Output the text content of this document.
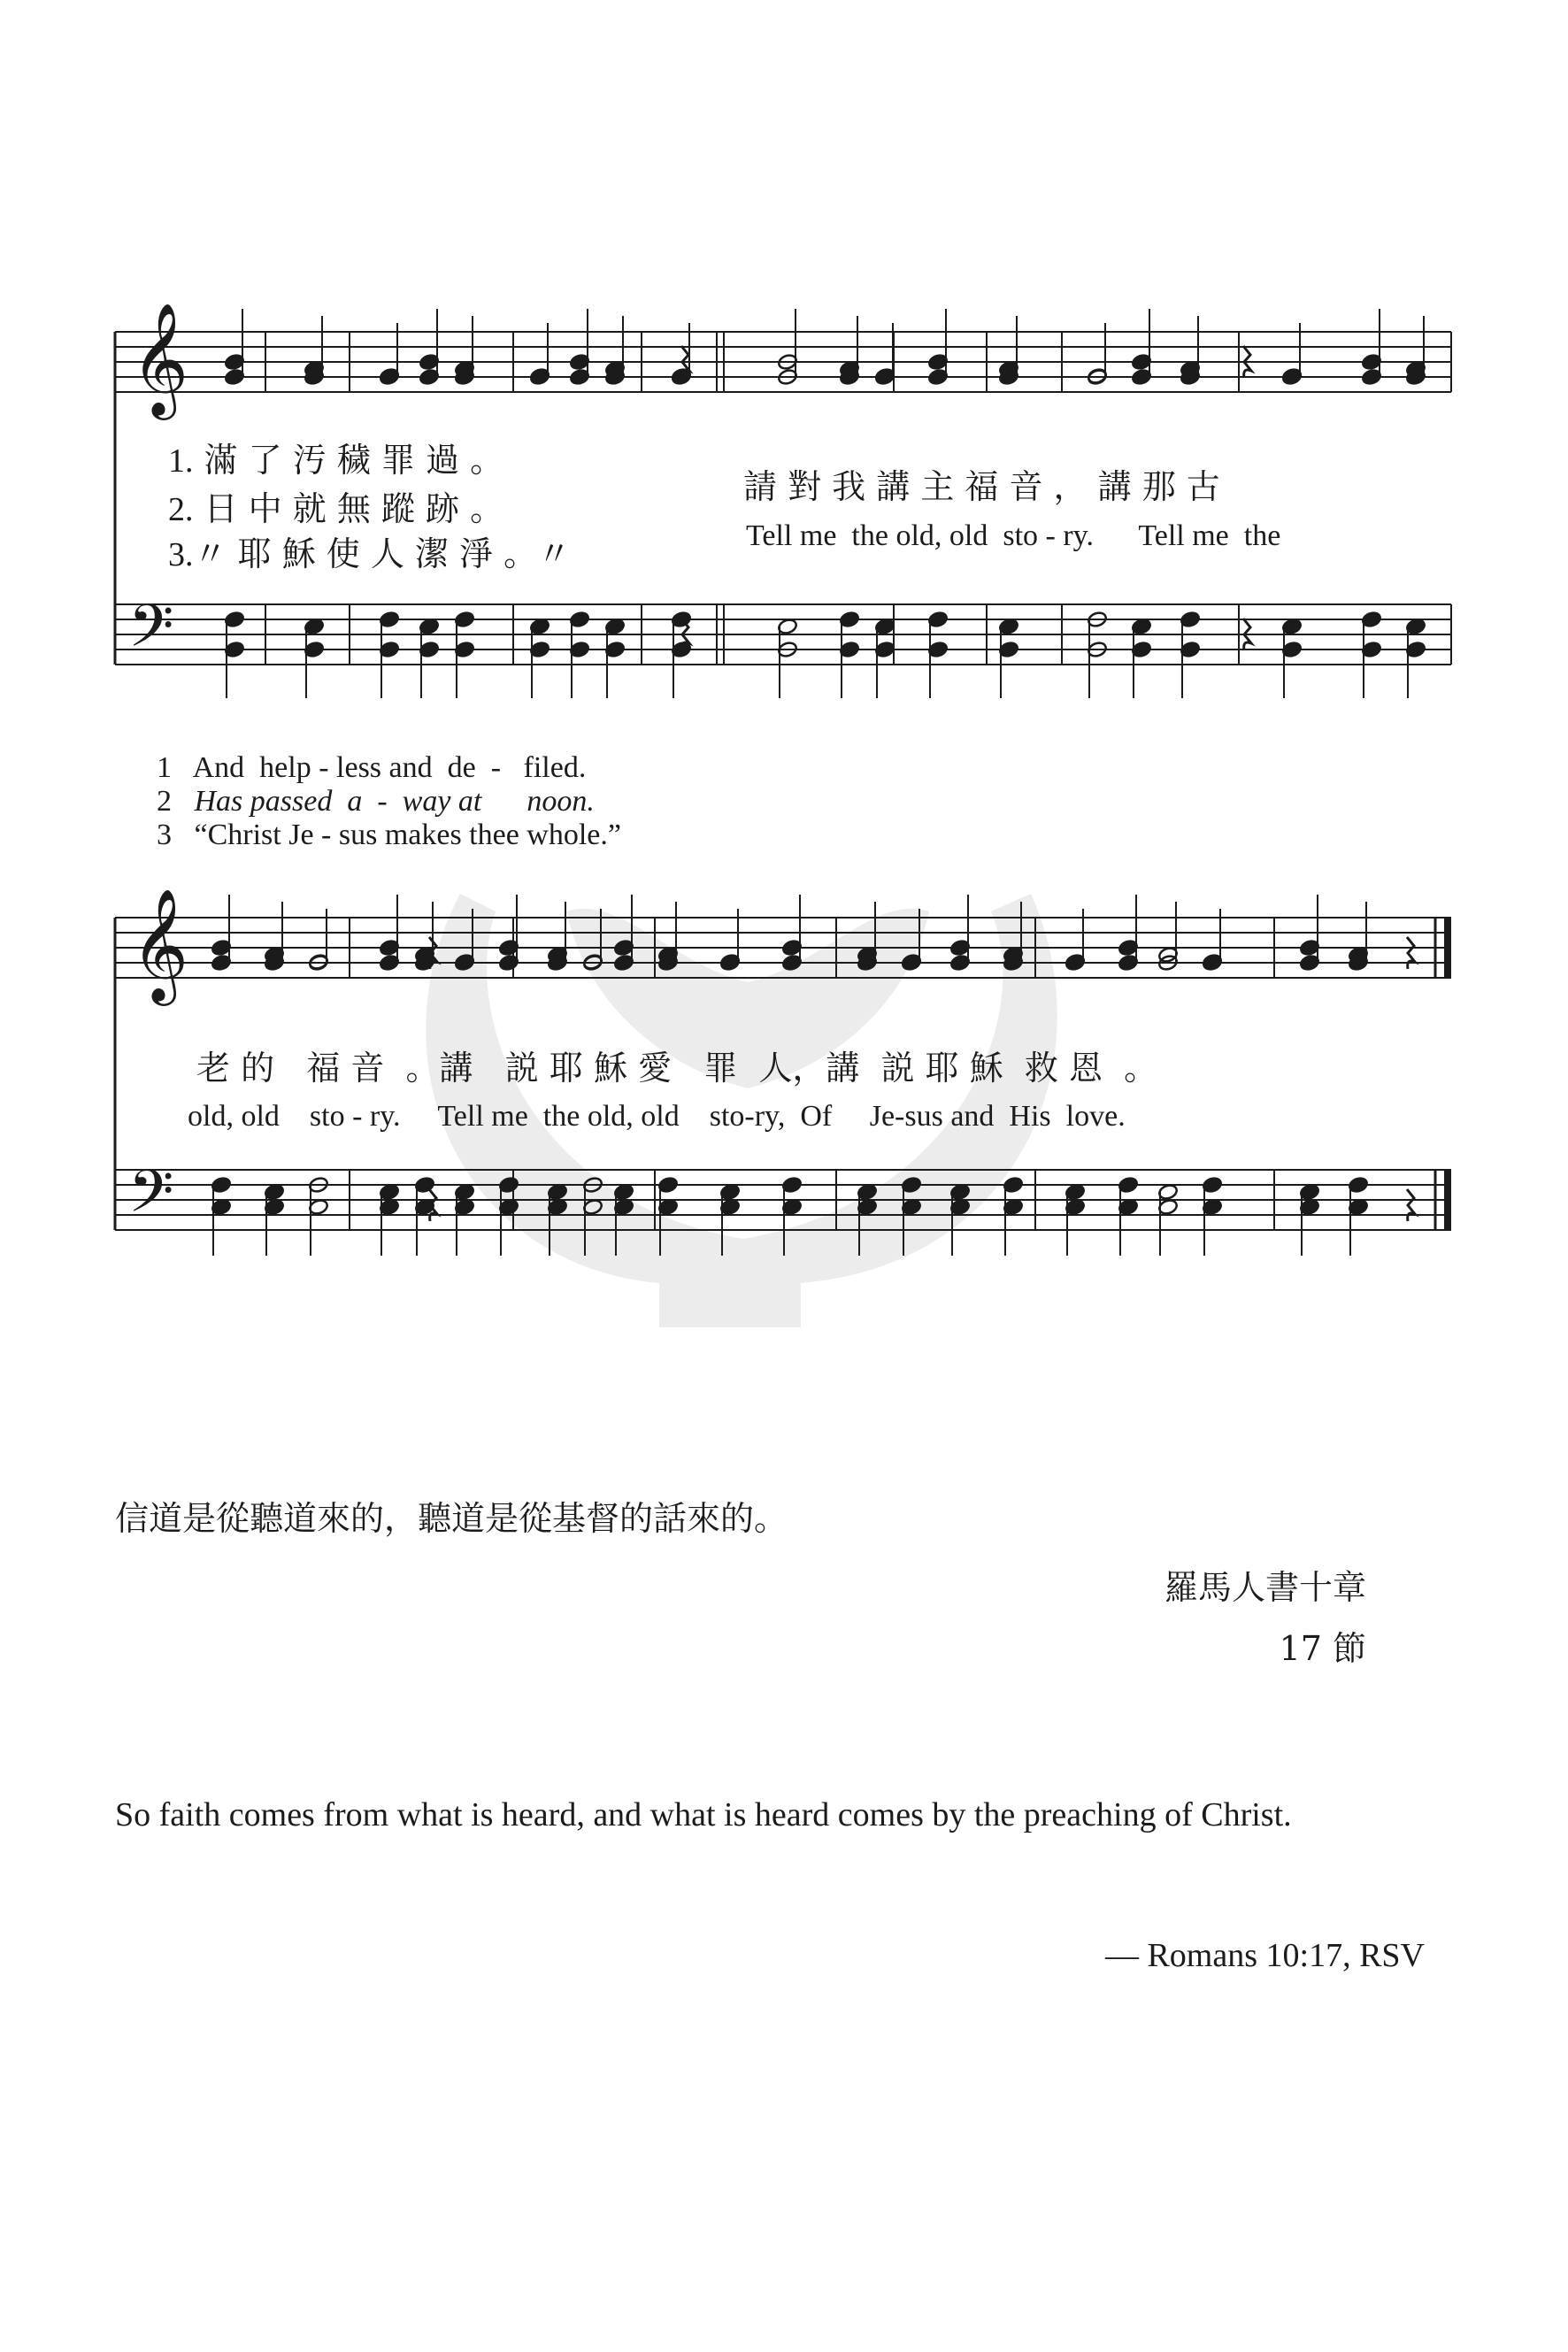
𝄞
𝄢
𝄞
𝄢
1. 滿 了 汚 穢 罪 過 。
2. 日 中 就 無 蹤 跡 。
3.〃 耶 穌 使 人 潔 淨 。〃
請 對 我 講 主 福 音 ， 講 那 古
Tell me  the old, old  sto - ry.      Tell me  the

1 And  help - less and  de  -   filed.

2 Has passed  a  -  way at      noon.

3 “Christ Je - sus makes thee whole.”

老 的   福 音  。講   説 耶 穌 愛   罪  人，講  説 耶 穌  救 恩  。
old, old    sto - ry.     Tell me  the old, old    sto-ry,  Of     Je-sus and  His  love.
信道是從聽道來的，聽道是從基督的話來的。
羅馬人書十章
17 節
So faith comes from what is heard, and what is heard comes by the preaching of Christ.
— Romans 10:17, RSV
